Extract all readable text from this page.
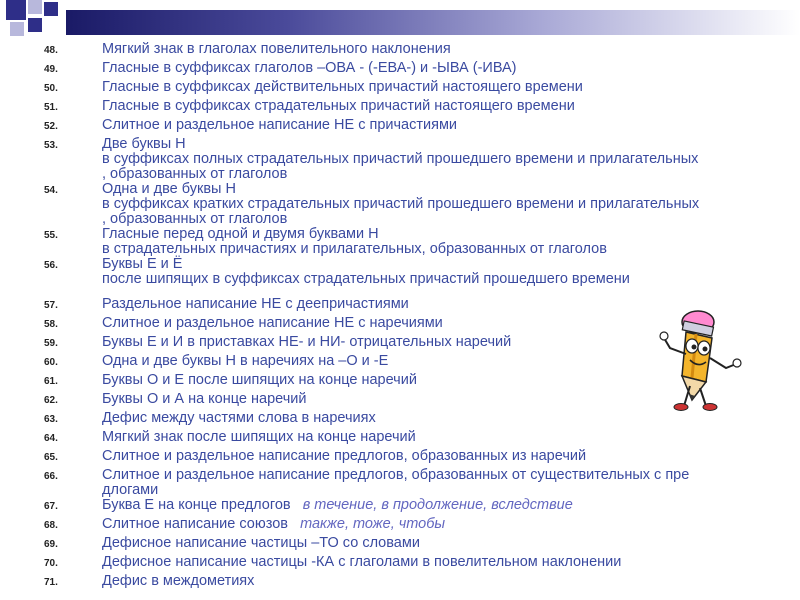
48.	Мягкий знак в глаголах повелительного наклонения
49.	Гласные в суффиксах глаголов –ОВА - (-ЕВА-) и -ЫВА (-ИВА)
50.	Гласные в суффиксах действительных причастий настоящего времени
51.	Гласные в суффиксах страдательных причастий настоящего времени
52.	Слитное и раздельное написание НЕ с причастиями
53.	Две буквы Н
в суффиксах полных страдательных причастий прошедшего времени и прилагательных
, образованных от глаголов
54.	Одна и две буквы Н
в суффиксах кратких страдательных причастий прошедшего времени и прилагательных
, образованных от глаголов
55.	Гласные перед одной и двумя буквами Н
в страдательных причастиях и прилагательных, образованных от глаголов
56.	Буквы Е и Ё
после шипящих в суффиксах страдательных причастий прошедшего времени
57.	Раздельное написание НЕ с деепричастиями
58.	Слитное и раздельное написание НЕ с наречиями
59.	Буквы Е и И в приставках НЕ- и НИ- отрицательных наречий
60.	Одна и две буквы Н в наречиях на –О и -Е
61.	Буквы О и Е после шипящих на конце наречий
62.	Буквы О и А на конце наречий
63.	Дефис между частями слова в наречиях
64.	Мягкий знак после шипящих на конце наречий
65.	Слитное и раздельное написание предлогов, образованных из наречий
66.	Слитное и раздельное написание предлогов, образованных от существительных с пре
длогами
67.	Буква Е на конце предлогов в течение, в продолжение, вследствие
68.	Слитное написание союзов также, тоже, чтобы
69.	Дефисное написание частицы –ТО со словами
70.	Дефисное написание частицы -КА с глаголами в повелительном наклонении
71.	Дефис в междометиях
